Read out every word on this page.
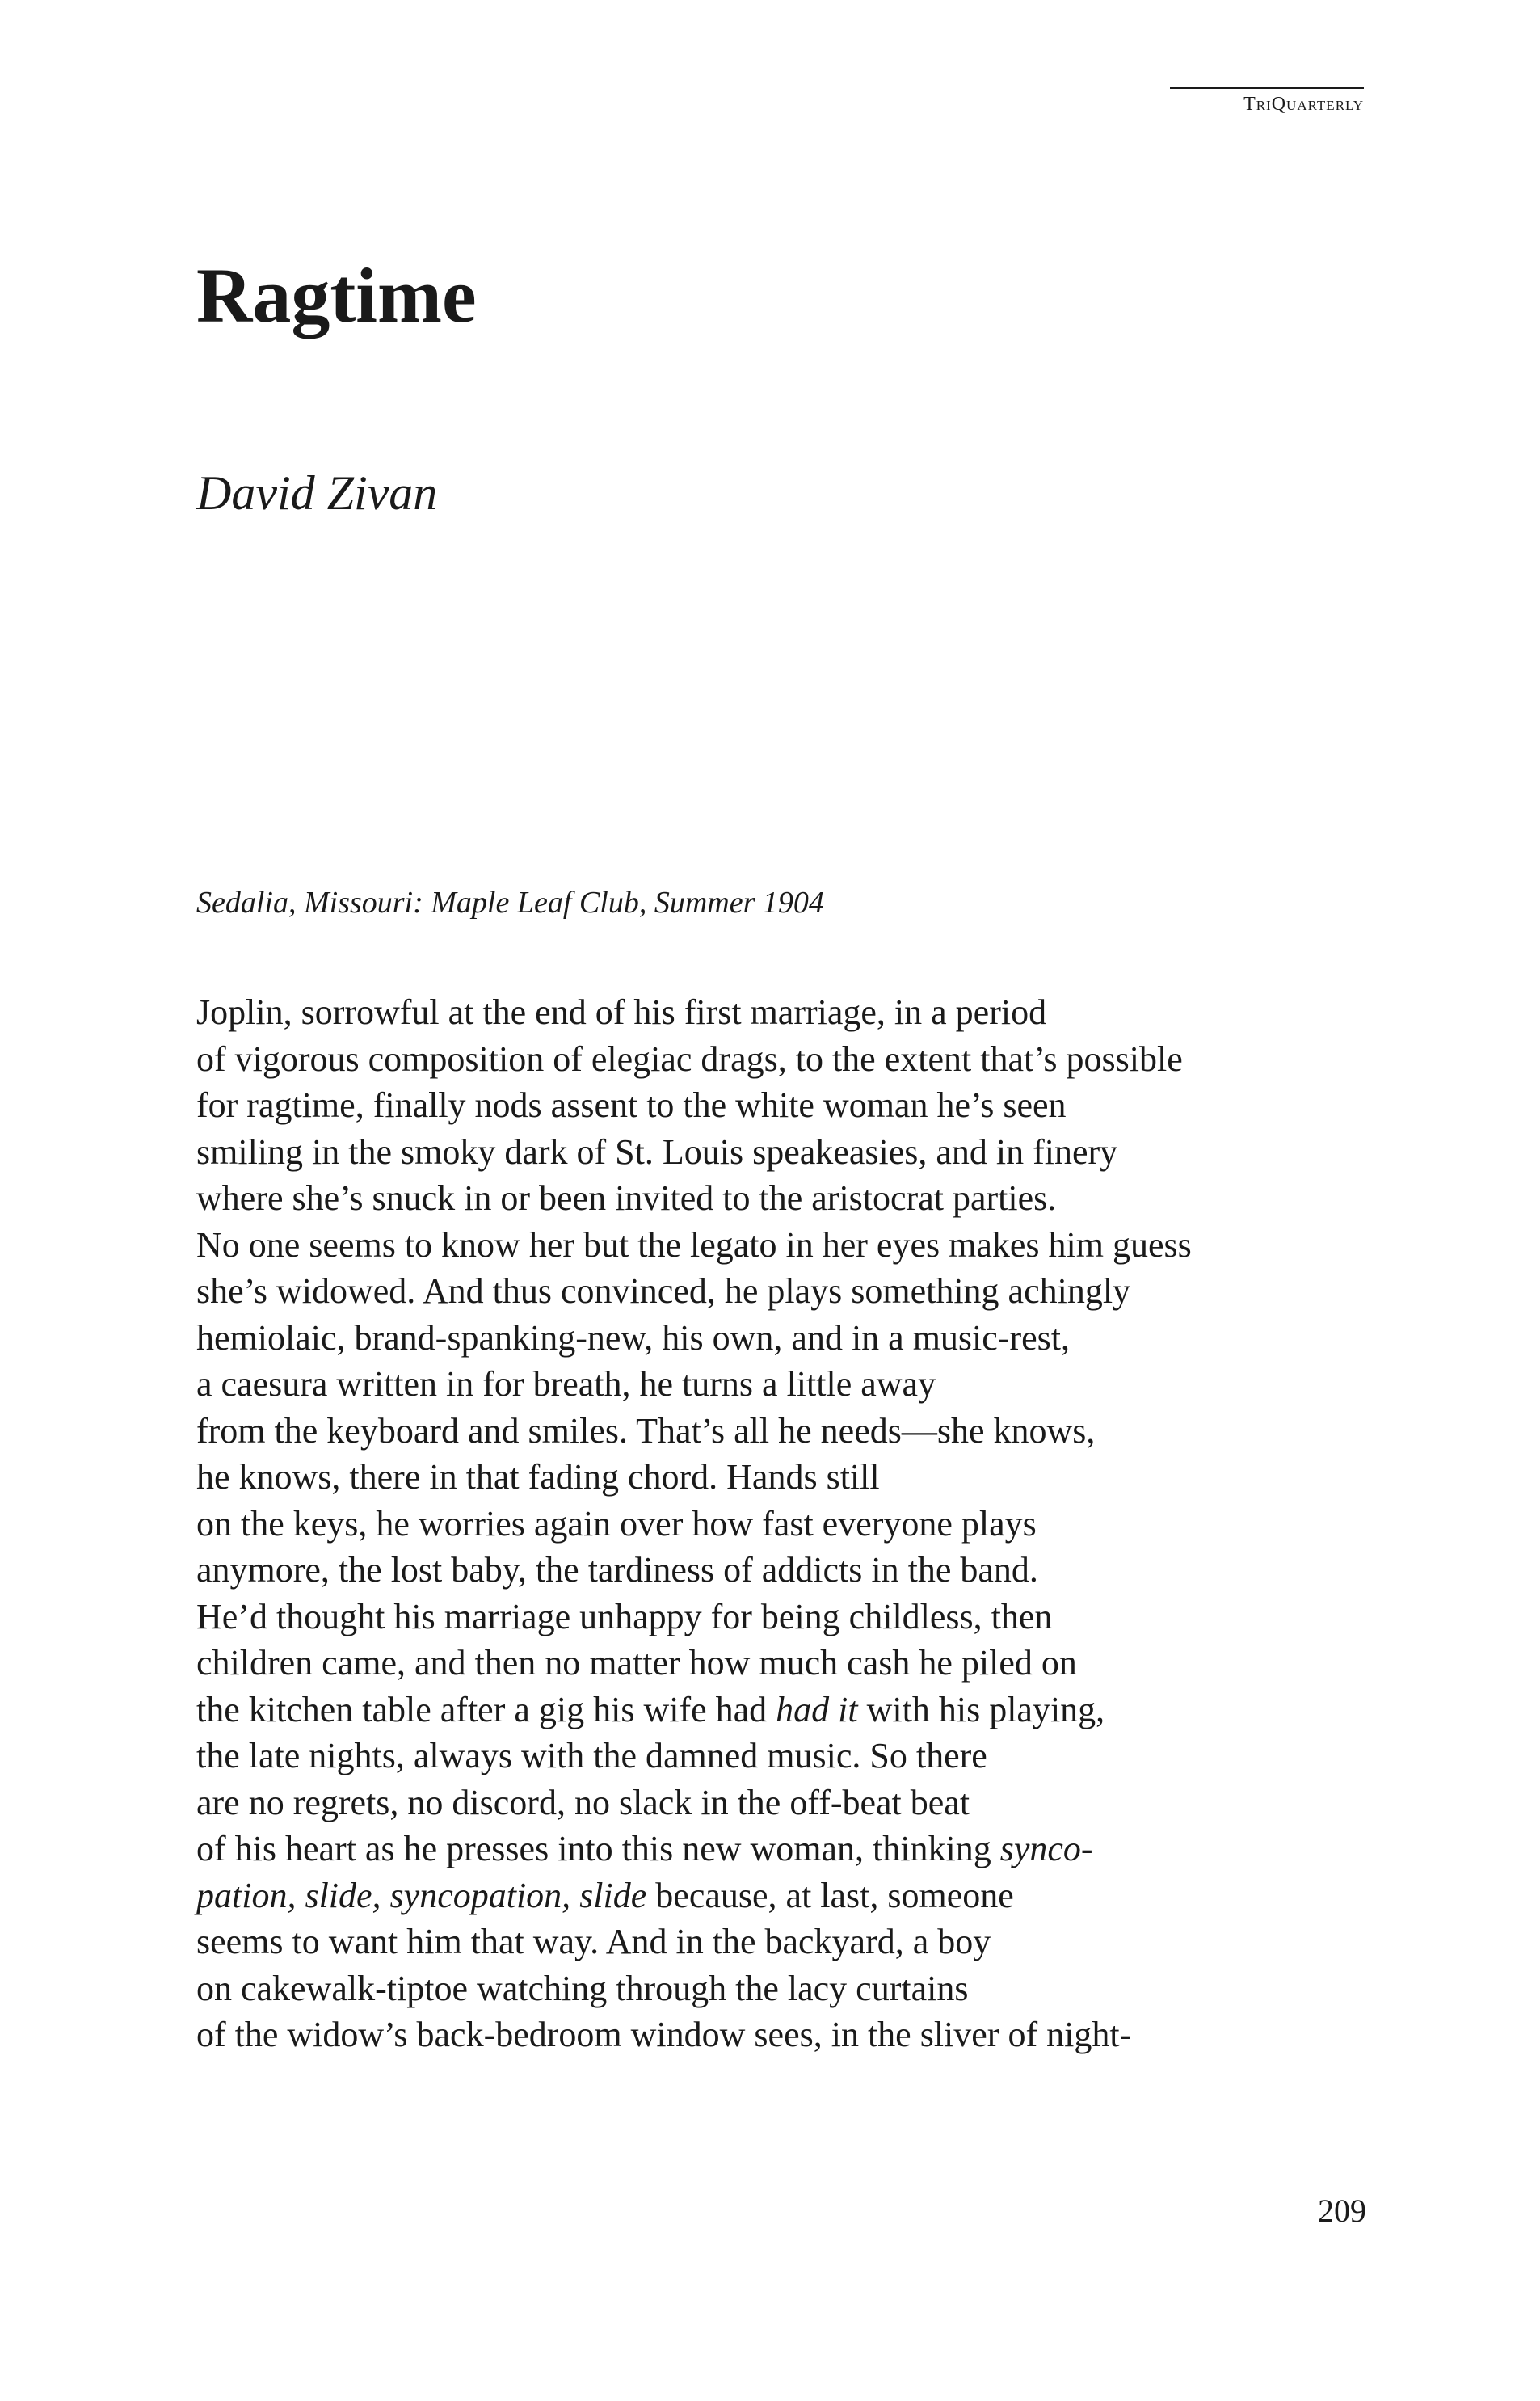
TriQuarterly
Ragtime
David Zivan
Sedalia, Missouri: Maple Leaf Club, Summer 1904
Joplin, sorrowful at the end of his first marriage, in a period
of vigorous composition of elegiac drags, to the extent that’s possible
for ragtime, finally nods assent to the white woman he’s seen
smiling in the smoky dark of St. Louis speakeasies, and in finery
where she’s snuck in or been invited to the aristocrat parties.
No one seems to know her but the legato in her eyes makes him guess
she’s widowed. And thus convinced, he plays something achingly
hemiolaic, brand-spanking-new, his own, and in a music-rest,
a caesura written in for breath, he turns a little away
from the keyboard and smiles. That’s all he needs—she knows,
he knows, there in that fading chord. Hands still
on the keys, he worries again over how fast everyone plays
anymore, the lost baby, the tardiness of addicts in the band.
He’d thought his marriage unhappy for being childless, then
children came, and then no matter how much cash he piled on
the kitchen table after a gig his wife had had it with his playing,
the late nights, always with the damned music. So there
are no regrets, no discord, no slack in the off-beat beat
of his heart as he presses into this new woman, thinking synco-
pation, slide, syncopation, slide because, at last, someone
seems to want him that way. And in the backyard, a boy
on cakewalk-tiptoe watching through the lacy curtains
of the widow’s back-bedroom window sees, in the sliver of night-
209
